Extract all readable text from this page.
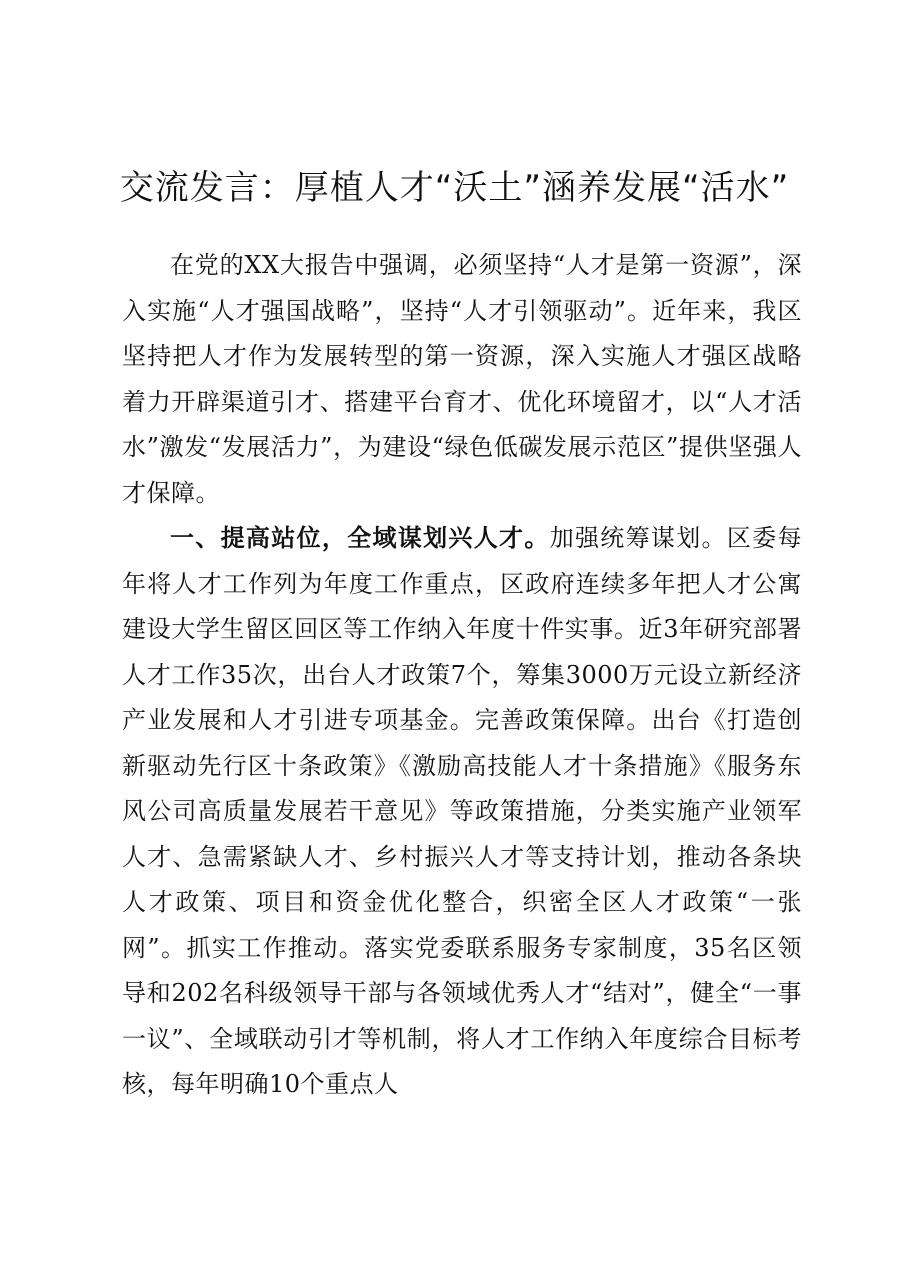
交流发言：厚植人才“沃土”涵养发展“活水”

在党的XX大报告中强调，必须坚持“人才是第一资源”，深入实施“人才强国战略”，坚持“人才引领驱动”。近年来，我区坚持把人才作为发展转型的第一资源，深入实施人才强区战略着力开辟渠道引才、搭建平台育才、优化环境留才，以“人才活水”激发“发展活力”，为建设“绿色低碳发展示范区”提供坚强人才保障。

一、提高站位，全域谋划兴人才。加强统筹谋划。区委每年将人才工作列为年度工作重点，区政府连续多年把人才公寓建设大学生留区回区等工作纳入年度十件实事。近3年研究部署人才工作35次，出台人才政策7个，筹集3000万元设立新经济产业发展和人才引进专项基金。完善政策保障。出台《打造创新驱动先行区十条政策》《激励高技能人才十条措施》《服务东风公司高质量发展若干意见》等政策措施，分类实施产业领军人才、急需紧缺人才、乡村振兴人才等支持计划，推动各条块人才政策、项目和资金优化整合，织密全区人才政策“一张网”。抓实工作推动。落实党委联系服务专家制度，35名区领导和202名科级领导干部与各领域优秀人才“结对”，健全“一事一议”、全域联动引才等机制，将人才工作纳入年度综合目标考核，每年明确10个重点人
